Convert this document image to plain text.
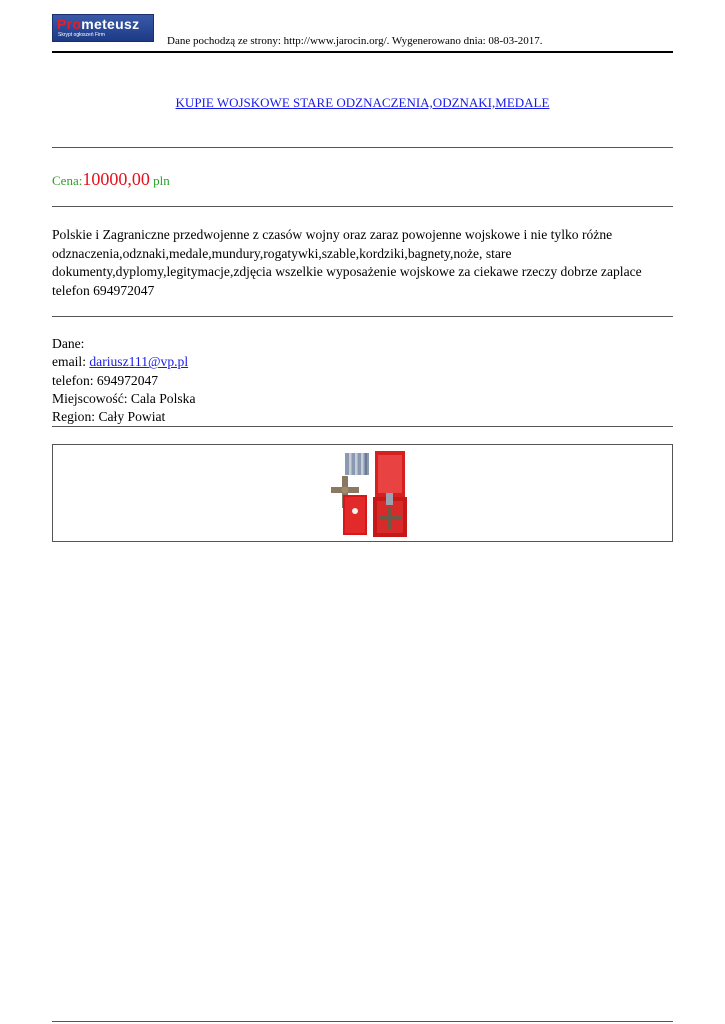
Prometeusz
Skrypt ogłoszeń Firm	Dane pochodzą ze strony: http://www.jarocin.org/. Wygenerowano dnia: 08-03-2017.
KUPIE WOJSKOWE STARE ODZNACZENIA,ODZNAKI,MEDALE
Cena:10000,00 pln
Polskie i Zagraniczne przedwojenne z czasów wojny oraz zaraz powojenne wojskowe i nie tylko różne odznaczenia,odznaki,medale,mundury,rogatywki,szable,kordziki,bagnety,noże, stare dokumenty,dyplomy,legitymacje,zdjęcia wszelkie wyposażenie wojskowe za ciekawe rzeczy dobrze zaplace telefon 694972047
Dane:
email: dariusz111@vp.pl
telefon: 694972047
Miejscowość: Cala Polska
Region: Cały Powiat
